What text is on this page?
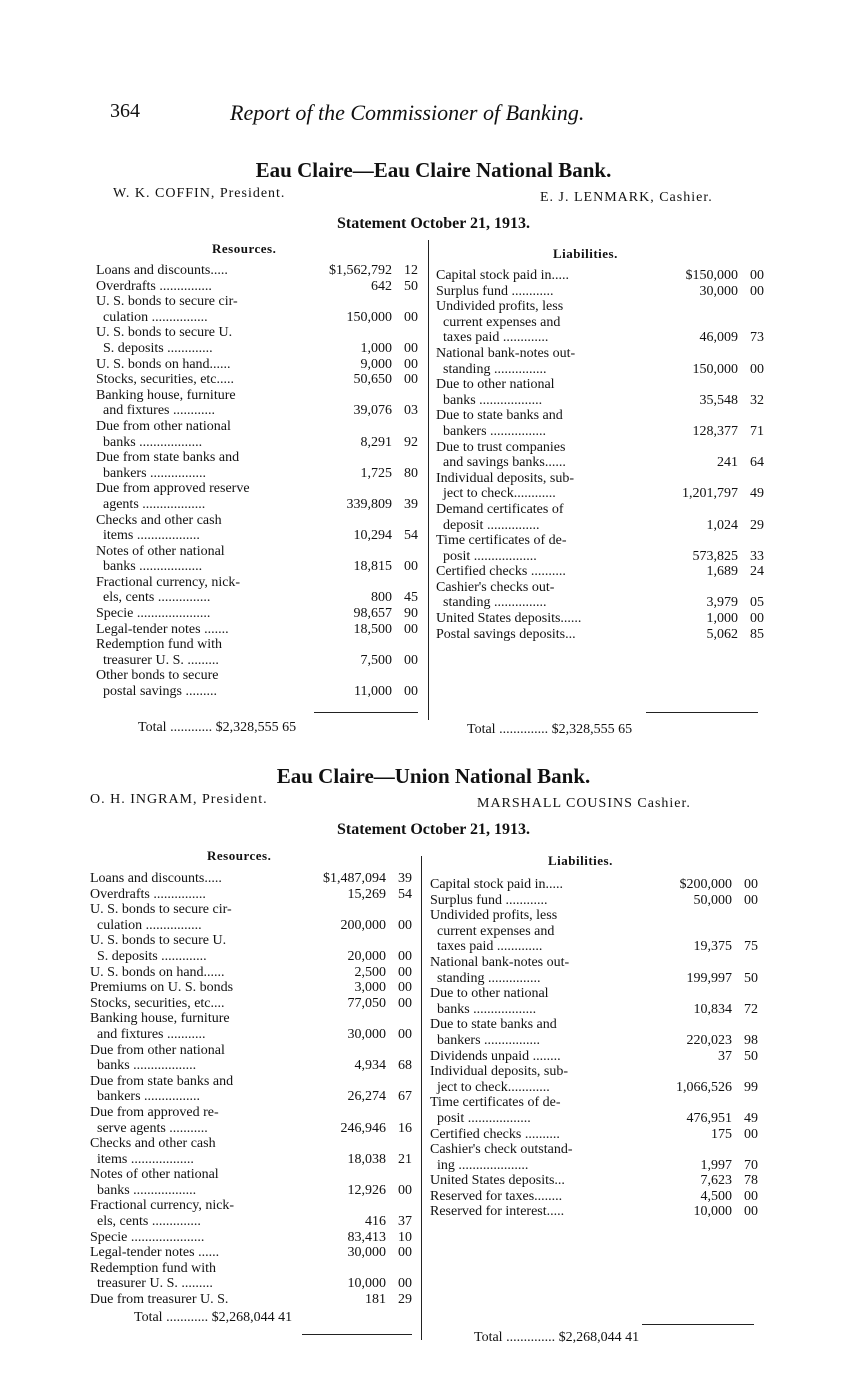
364	Report of the Commissioner of Banking.
Eau Claire—Eau Claire National Bank.
W. K. COFFIN, President.	E. J. LENMARK, Cashier.
Statement October 21, 1913.
Resources.	Liabilities.
Loans and discounts.....	$1,562,792 12
Overdrafts ...............	642 50
U. S. bonds to secure cir-
culation ................	150,000 00
U. S. bonds to secure U.
S. deposits .............	1,000 00
U. S. bonds on hand......	9,000 00
Stocks, securities, etc.....	50,650 00
Banking house, furniture
and fixtures ............	39,076 03
Due from other national
banks ..................	8,291 92
Due from state banks and
bankers ................	1,725 80
Due from approved reserve
agents ..................	339,809 39
Checks and other cash
items ..................	10,294 54
Notes of other national
banks ..................	18,815 00
Fractional currency, nick-
els, cents ...............	800 45
Specie .....................	98,657 90
Legal-tender notes .......	18,500 00
Redemption fund with
treasurer U. S. .........	7,500 00
Other bonds to secure
postal savings .........	11,000 00
Capital stock paid in.....	$150,000 00
Surplus fund ............	30,000 00
Undivided profits, less
current expenses and
taxes paid .............	46,009 73
National bank-notes out-
standing ...............	150,000 00
Due to other national
banks ..................	35,548 32
Due to state banks and
bankers ................	128,377 71
Due to trust companies
and savings banks......	241 64
Individual deposits, sub-
ject to check............	1,201,797 49
Demand certificates of
deposit ...............	1,024 29
Time certificates of de-
posit ..................	573,825 33
Certified checks ..........	1,689 24
Cashier's checks out-
standing ...............	3,979 05
United States deposits......	1,000 00
Postal savings deposits...	5,062 85
Total ............ $2,328,555 65	Total .............. $2,328,555 65
Eau Claire—Union National Bank.
O. H. INGRAM, President.	MARSHALL COUSINS Cashier.
Statement October 21, 1913.
Resources.	Liabilities.
Loans and discounts.....	$1,487,094 39
Overdrafts ...............	15,269 54
U. S. bonds to secure cir-
culation ................	200,000 00
U. S. bonds to secure U.
S. deposits .............	20,000 00
U. S. bonds on hand......	2,500 00
Premiums on U. S. bonds	3,000 00
Stocks, securities, etc....	77,050 00
Banking house, furniture
and fixtures ...........	30,000 00
Due from other national
banks ..................	4,934 68
Due from state banks and
bankers ................	26,274 67
Due from approved re-
serve agents ...........	246,946 16
Checks and other cash
items ..................	18,038 21
Notes of other national
banks ..................	12,926 00
Fractional currency, nick-
els, cents ..............	416 37
Specie .....................	83,413 10
Legal-tender notes ......	30,000 00
Redemption fund with
treasurer U. S. .........	10,000 00
Due from treasurer U. S.	181 29
Capital stock paid in.....	$200,000 00
Surplus fund ............	50,000 00
Undivided profits, less
current expenses and
taxes paid .............	19,375 75
National bank-notes out-
standing ...............	199,997 50
Due to other national
banks ..................	10,834 72
Due to state banks and
bankers ................	220,023 98
Dividends unpaid ........	37 50
Individual deposits, sub-
ject to check............	1,066,526 99
Time certificates of de-
posit ..................	476,951 49
Certified checks ..........	175 00
Cashier's check outstand-
ing ....................	1,997 70
United States deposits...	7,623 78
Reserved for taxes........	4,500 00
Reserved for interest.....	10,000 00
Total ............ $2,268,044 41
Total .............. $2,268,044 41
